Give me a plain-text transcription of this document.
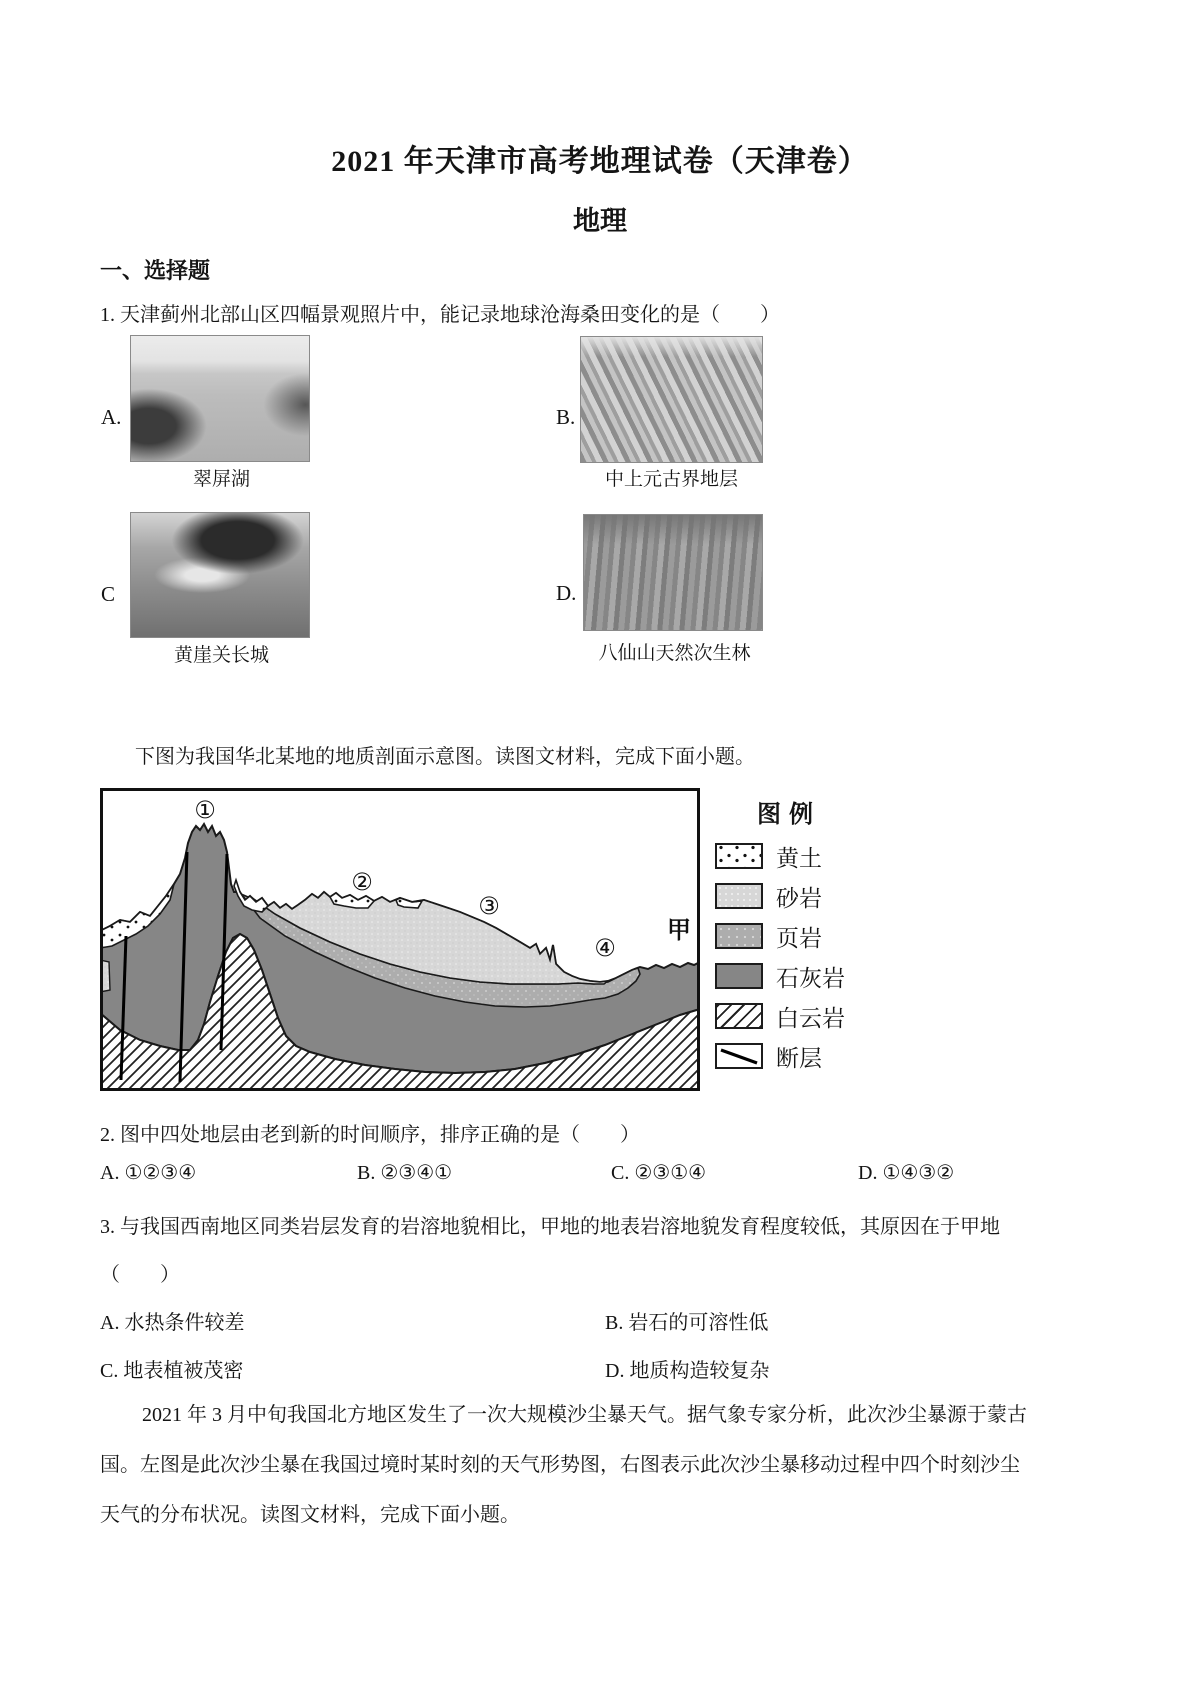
2021 年天津市高考地理试卷（天津卷）
地理
一、选择题
1. 天津蓟州北部山区四幅景观照片中，能记录地球沧海桑田变化的是（　　）
A.
翠屏湖
B.
中上元古界地层
C
黄崖关长城
D.
八仙山天然次生林
下图为我国华北某地的地质剖面示意图。读图文材料，完成下面小题。
①
②
③
④
甲
图例
黄土
砂岩
页岩
石灰岩
白云岩
断层
2. 图中四处地层由老到新的时间顺序，排序正确的是（　　）
A. ①②③④	B. ②③④①	C. ②③①④	D. ①④③②
3. 与我国西南地区同类岩层发育的岩溶地貌相比，甲地的地表岩溶地貌发育程度较低，其原因在于甲地
（　　）
A. 水热条件较差	B. 岩石的可溶性低
C. 地表植被茂密	D. 地质构造较复杂
2021 年 3 月中旬我国北方地区发生了一次大规模沙尘暴天气。据气象专家分析，此次沙尘暴源于蒙古
国。左图是此次沙尘暴在我国过境时某时刻的天气形势图，右图表示此次沙尘暴移动过程中四个时刻沙尘
天气的分布状况。读图文材料，完成下面小题。
